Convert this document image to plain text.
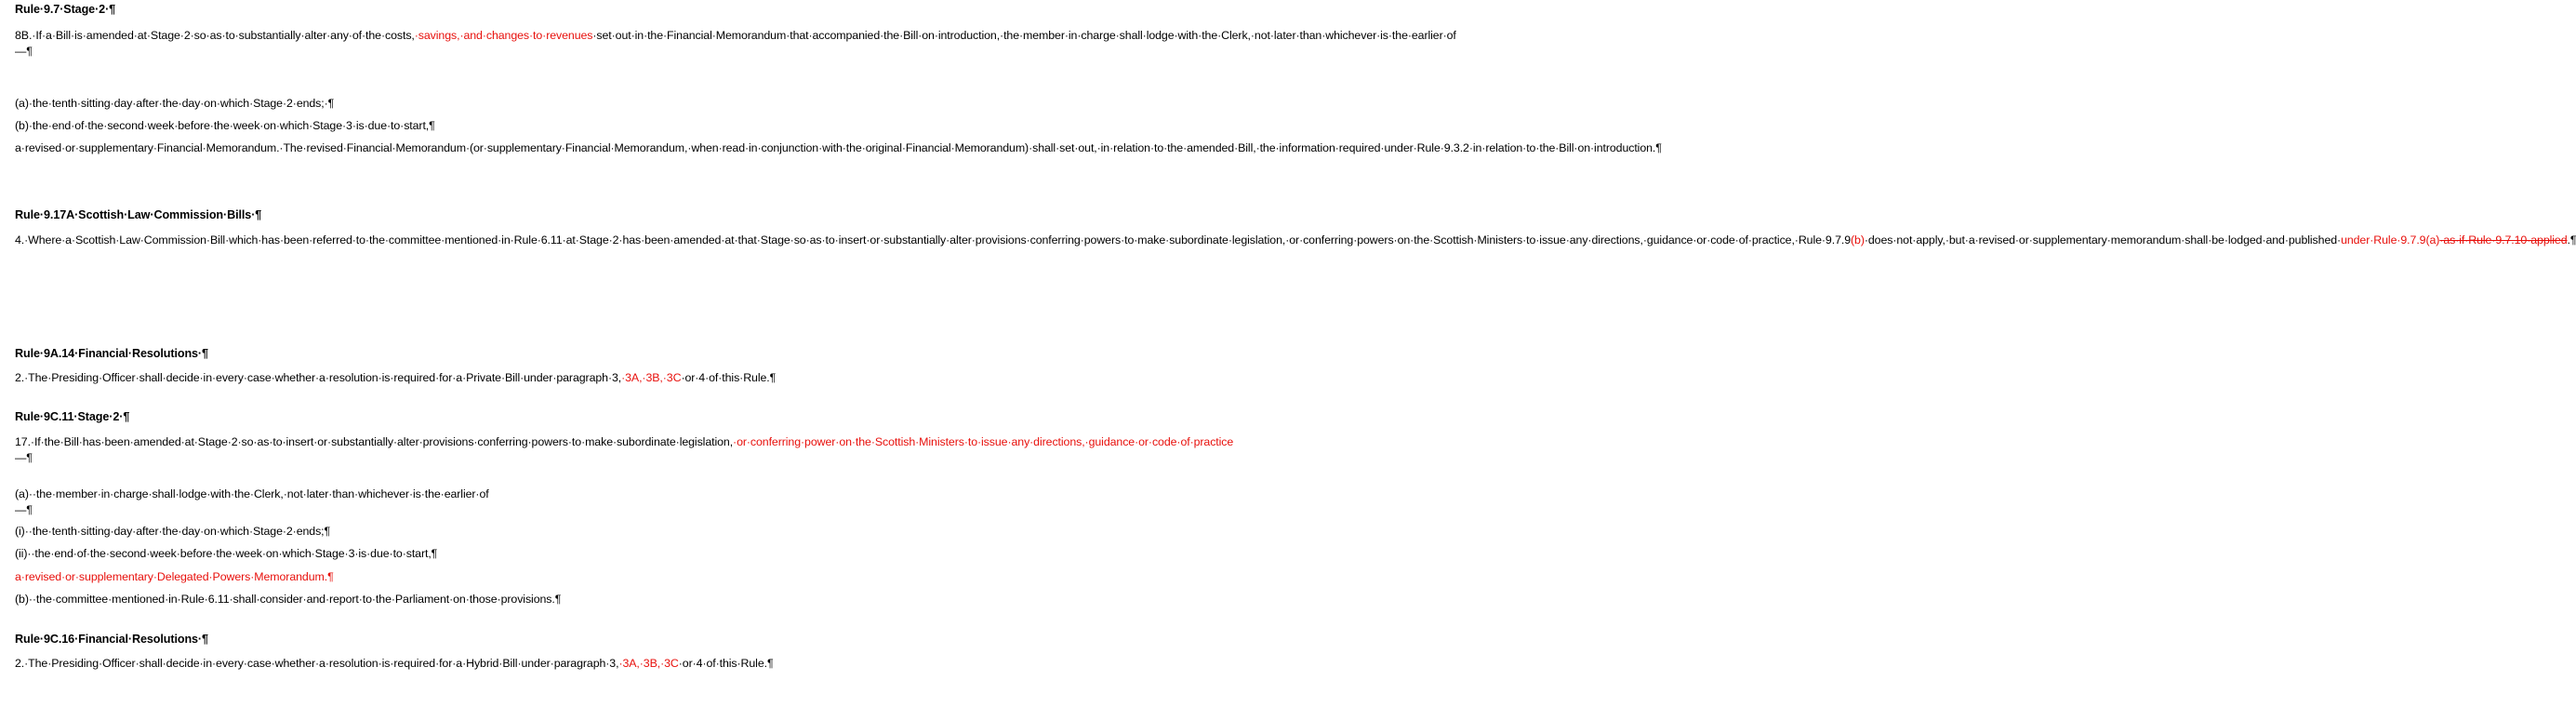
Rule·9.7·Stage·2·¶
8B.·If·a·Bill·is·amended·at·Stage·2·so·as·to·substantially·alter·any·of·the·costs,·savings,·and·changes·to·revenues·set·out·in·the·Financial·Memorandum·that·accompanied·the·Bill·on·introduction,·the·member·in·charge·shall·lodge·with·the·Clerk,·not·later·than·whichever·is·the·earlier·of—¶
(a)·the·tenth·sitting·day·after·the·day·on·which·Stage·2·ends;·¶
(b)·the·end·of·the·second·week·before·the·week·on·which·Stage·3·is·due·to·start,¶
a·revised·or·supplementary·Financial·Memorandum.·The·revised·Financial·Memorandum·(or·supplementary·Financial·Memorandum,·when·read·in·conjunction·with·the·original·Financial·Memorandum)·shall·set·out,·in·relation·to·the·amended·Bill,·the·information·required·under·Rule·9.3.2·in·relation·to·the·Bill·on·introduction.¶
Rule·9.17A·Scottish·Law·Commission·Bills·¶
4.·Where·a·Scottish·Law·Commission·Bill·which·has·been·referred·to·the·committee·mentioned·in·Rule·6.11·at·Stage·2·has·been·amended·at·that·Stage·so·as·to·insert·or·substantially·alter·provisions·conferring·powers·to·make·subordinate·legislation,·or·conferring·powers·on·the·Scottish·Ministers·to·issue·any·directions,·guidance·or·code·of·practice,·Rule·9.7.9(b)·does·not·apply,·but·a·revised·or·supplementary·memorandum·shall·be·lodged·and·published·under·Rule·9.7.9(a)·as·if·Rule·9.7.10·applied.¶
Rule·9A.14·Financial·Resolutions·¶
2.·The·Presiding·Officer·shall·decide·in·every·case·whether·a·resolution·is·required·for·a·Private·Bill·under·paragraph·3,·3A,·3B,·3C·or·4·of·this·Rule.¶
Rule·9C.11·Stage·2·¶
17.·If·the·Bill·has·been·amended·at·Stage·2·so·as·to·insert·or·substantially·alter·provisions·conferring·powers·to·make·subordinate·legislation,·or·conferring·power·on·the·Scottish·Ministers·to·issue·any·directions,·guidance·or·code·of·practice—¶
(a)··the·member·in·charge·shall·lodge·with·the·Clerk,·not·later·than·whichever·is·the·earlier·of—¶
(i)··the·tenth·sitting·day·after·the·day·on·which·Stage·2·ends;¶
(ii)··the·end·of·the·second·week·before·the·week·on·which·Stage·3·is·due·to·start,¶
a·revised·or·supplementary·Delegated·Powers·Memorandum.¶
(b)··the·committee·mentioned·in·Rule·6.11·shall·consider·and·report·to·the·Parliament·on·those·provisions.¶
Rule·9C.16·Financial·Resolutions·¶
2.·The·Presiding·Officer·shall·decide·in·every·case·whether·a·resolution·is·required·for·a·Hybrid·Bill·under·paragraph·3,·3A,·3B,·3C·or·4·of·this·Rule.¶
